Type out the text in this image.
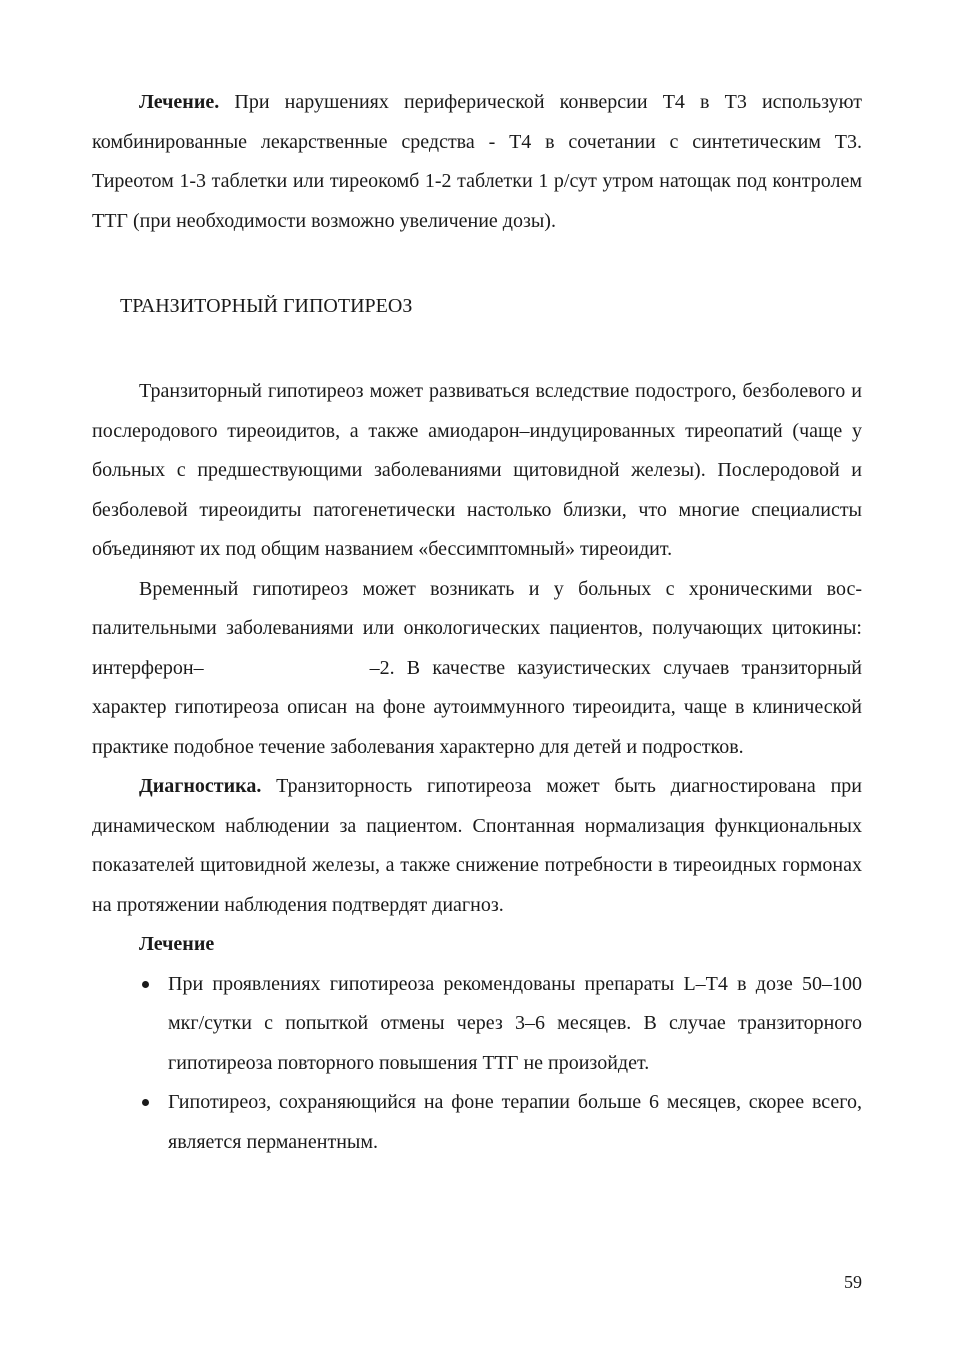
Лечение. При нарушениях периферической конверсии Т4 в Т3 используют комбинированные лекарственные средства - Т4 в сочетании с синтетическим Т3. Тиреотом 1-3 таблетки или тиреокомб 1-2 таблетки 1 р/сут утром натощак под контролем ТТГ (при необходимости возможно увеличение дозы).

ТРАНЗИТОРНЫЙ ГИПОТИРЕОЗ

Транзиторный гипотиреоз может развиваться вследствие подострого, безболевого и послеродового тиреоидитов, а также амиодарон–индуцированных тиреопатий (чаще у больных с предшествующими заболеваниями щитовидной железы). Послеродовой и безболевой тиреоидиты патогенетически настолько близки, что многие специалисты объединяют их под общим названием «бессимптомный» тиреоидит.

Временный гипотиреоз может возникать и у больных с хроническими воспалительными заболеваниями или онкологических пациентов, получающих цитокины: интерферон–	–2. В качестве казуистических случаев транзиторный характер гипотиреоза описан на фоне аутоиммунного тиреоидита, чаще в клинической практике подобное течение заболевания характерно для детей и подростков.

Диагностика. Транзиторность гипотиреоза может быть диагностирована при динамическом наблюдении за пациентом. Спонтанная нормализация функциональных показателей щитовидной железы, а также снижение потребности в тиреоидных гормонах на протяжении наблюдения подтвердят диагноз.

Лечение
При проявлениях гипотиреоза рекомендованы препараты L–Т4 в дозе 50–100 мкг/сутки с попыткой отмены через 3–6 месяцев. В случае транзиторного гипотиреоза повторного повышения ТТГ не произойдет.
Гипотиреоз, сохраняющийся на фоне терапии больше 6 месяцев, скорее всего, является перманентным.
59
